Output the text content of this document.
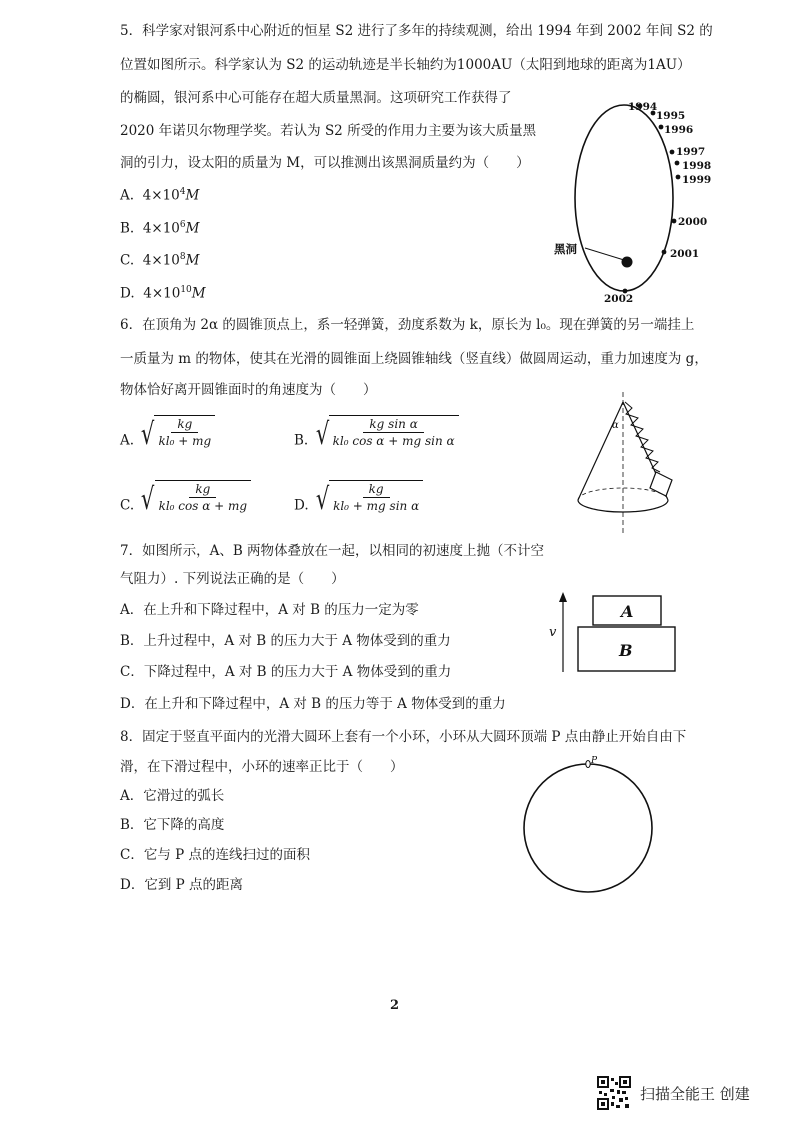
5．科学家对银河系中心附近的恒星 S2 进行了多年的持续观测，给出 1994 年到 2002 年间 S2 的
位置如图所示。科学家认为 S2 的运动轨迹是半长轴约为1000AU（太阳到地球的距离为1AU）
的椭圆，银河系中心可能存在超大质量黑洞。这项研究工作获得了
2020 年诺贝尔物理学奖。若认为 S2 所受的作用力主要为该大质量黑
洞的引力，设太阳的质量为 M，可以推测出该黑洞质量约为（　　）
A. $4\times 10^4M$
B. $4\times 10^6M$
C. $4\times 10^8M$
D. $4\times 10^{10}M$
1994
1995
1996
1997
1998
1999
2000
2001
2002
黑洞
6．在顶角为 2α 的圆锥顶点上，系一轻弹簧，劲度系数为 k，原长为 l₀。现在弹簧的另一端挂上
一质量为 m 的物体，使其在光滑的圆锥面上绕圆锥轴线（竖直线）做圆周运动，重力加速度为 g，
物体恰好离开圆锥面时的角速度为（　　）
A. √ $\frac{kg}{\text{kl₀ + mg}}$	B. √ $\frac{\text{kg sin α}}{\text{kl₀ cos α + mg sin α}}$
C. √ $\frac{kg}{\text{kl₀ cos α + mg}}$	D. √ $\frac{kg}{\text{kl₀ + mg sin α}}$
α
7．如图所示，A、B 两物体叠放在一起，以相同的初速度上抛（不计空
气阻力）. 下列说法正确的是（　　）
A．在上升和下降过程中，A 对 B 的压力一定为零
B．上升过程中，A 对 B 的压力大于 A 物体受到的重力
C．下降过程中，A 对 B 的压力大于 A 物体受到的重力
D．在上升和下降过程中，A 对 B 的压力等于 A 物体受到的重力
v
A
B
8．固定于竖直平面内的光滑大圆环上套有一个小环，小环从大圆环顶端 P 点由静止开始自由下
滑，在下滑过程中，小环的速率正比于（　　）
A．它滑过的弧长
B．它下降的高度
C．它与 P 点的连线扫过的面积
D．它到 P 点的距离
P
2
扫描全能王 创建
